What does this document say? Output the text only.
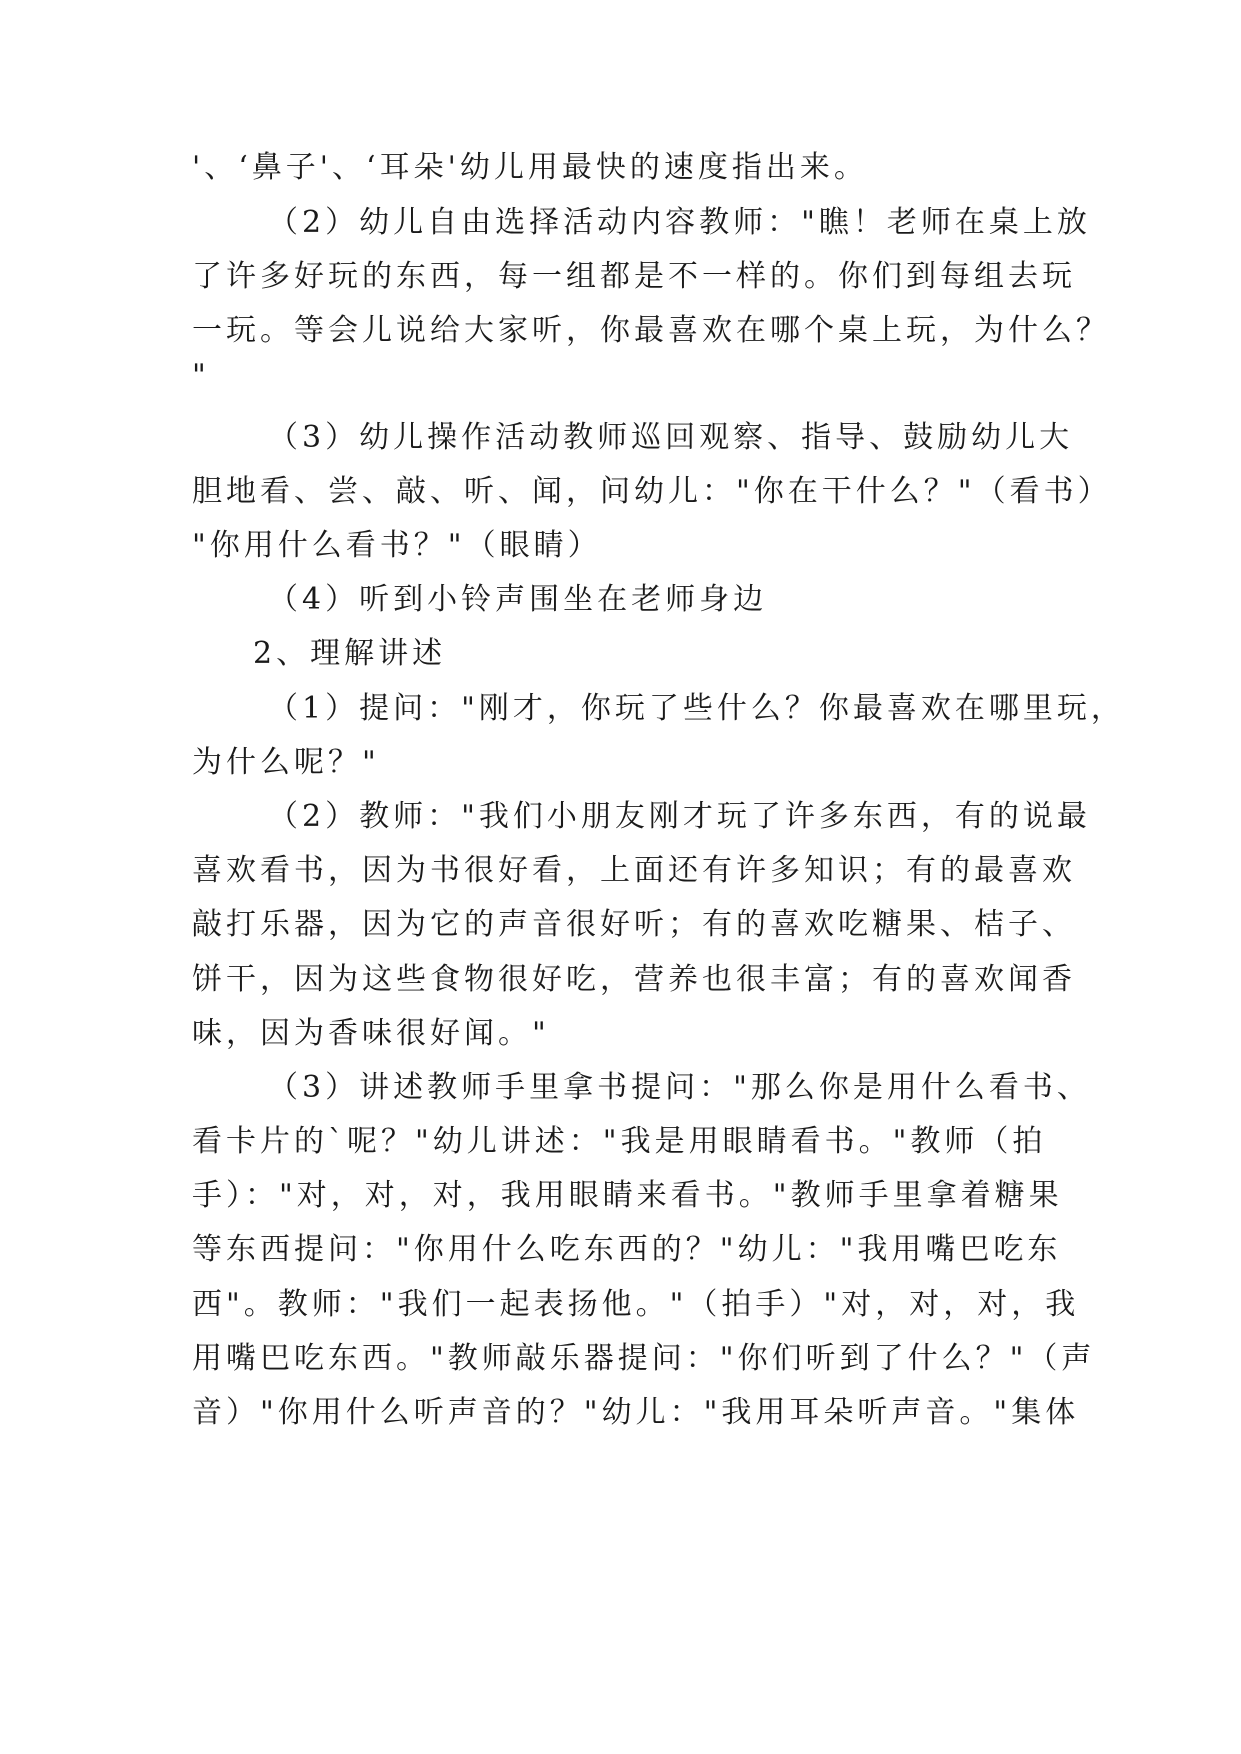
'、‘鼻子'、‘耳朵'幼儿用最快的速度指出来。
（2）幼儿自由选择活动内容教师："瞧！老师在桌上放
了许多好玩的东西，每一组都是不一样的。你们到每组去玩
一玩。等会儿说给大家听，你最喜欢在哪个桌上玩，为什么？
"
（3）幼儿操作活动教师巡回观察、指导、鼓励幼儿大
胆地看、尝、敲、听、闻，问幼儿："你在干什么？"（看书）
"你用什么看书？"（眼睛）
（4）听到小铃声围坐在老师身边
2、理解讲述
（1）提问："刚才，你玩了些什么？你最喜欢在哪里玩，
为什么呢？"
（2）教师："我们小朋友刚才玩了许多东西，有的说最
喜欢看书，因为书很好看，上面还有许多知识；有的最喜欢
敲打乐器，因为它的声音很好听；有的喜欢吃糖果、桔子、
饼干，因为这些食物很好吃，营养也很丰富；有的喜欢闻香
味，因为香味很好闻。"
（3）讲述教师手里拿书提问："那么你是用什么看书、
看卡片的`呢？"幼儿讲述："我是用眼睛看书。"教师（拍
手）："对，对，对，我用眼睛来看书。"教师手里拿着糖果
等东西提问："你用什么吃东西的？"幼儿："我用嘴巴吃东
西"。教师："我们一起表扬他。"（拍手）"对，对，对，我
用嘴巴吃东西。"教师敲乐器提问："你们听到了什么？"（声
音）"你用什么听声音的？"幼儿："我用耳朵听声音。"集体
